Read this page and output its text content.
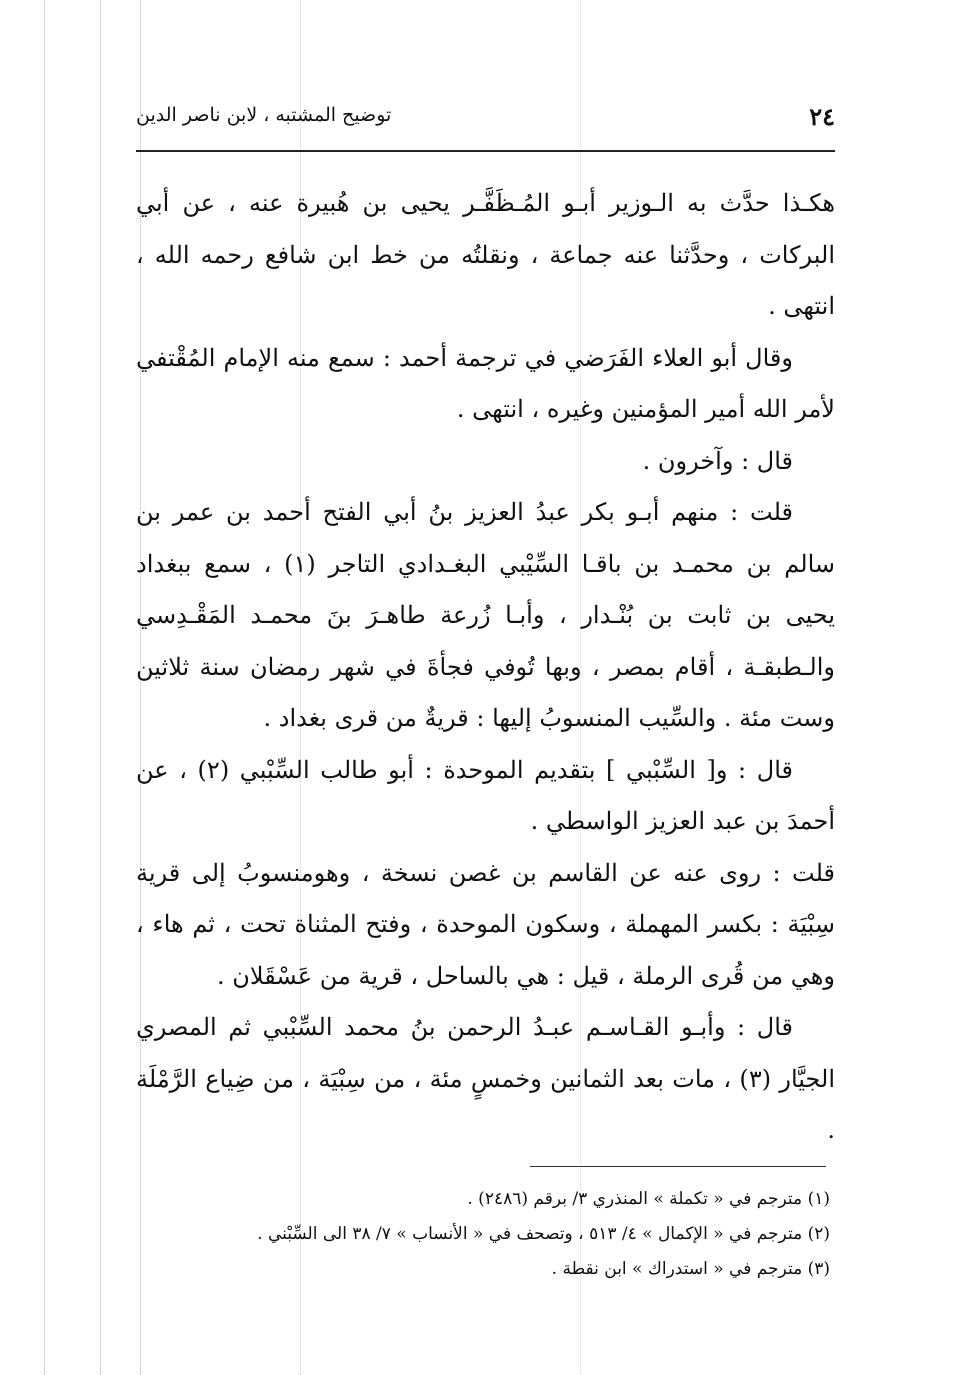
٢٤
توضيح المشتبه ، لابن ناصر الدين

هكـذا حدَّث به الـوزير أبـو المُـظَفَّـر يحيى بن هُبيرة عنه ، عن أبي البركات ، وحدَّثنا عنه جماعة ، ونقلتُه من خط ابن شافع رحمه الله ، انتهى .

وقال أبو العلاء الفَرَضي في ترجمة أحمد : سمع منه الإمام المُقْتفي لأمر الله أمير المؤمنين وغيره ، انتهى .

قال : وآخرون .

قلت : منهم أبـو بكر عبدُ العزيز بنُ أبي الفتح أحمد بن عمر بن سالم بن محمـد بن باقـا السِّيْبي البغـدادي التاجر (١) ، سمع ببغداد يحيى بن ثابت بن بُنْـدار ، وأبـا زُرعة طاهـرَ بنَ محمـد المَقْـدِسي والـطبقـة ، أقام بمصر ، وبها تُوفي فجأةَ في شهر رمضان سنة ثلاثين وست مئة . والسِّيب المنسوبُ إليها : قريةٌ من قرى بغداد .

قال : و[ السِّبْبي ] بتقديم الموحدة : أبو طالب السِّبْبي (٢) ، عن أحمدَ بن عبد العزيز الواسطي .

قلت : روى عنه عن القاسم بن غصن نسخة ، وهومنسوبُ إلى قرية سِبْيَة : بكسر المهملة ، وسكون الموحدة ، وفتح المثناة تحت ، ثم هاء ، وهي من قُرى الرملة ، قيل : هي بالساحل ، قرية من عَسْقَلان .

قال : وأبـو القـاسـم عبـدُ الرحمن بنُ محمد السِّبْبي ثم المصري الجيَّار (٣) ، مات بعد الثمانين وخمسٍ مئة ، من سِبْيَة ، من ضِياع الرَّمْلَة .

(١) مترجم في « تكملة » المنذري ٣/ برقم (٢٤٨٦) .

(٢) مترجم في « الإكمال » ٤/ ٥١٣ ، وتصحف في « الأنساب » ٧/ ٣٨ الى السِّبْني .

(٣) مترجم في « استدراك » ابن نقطة .
